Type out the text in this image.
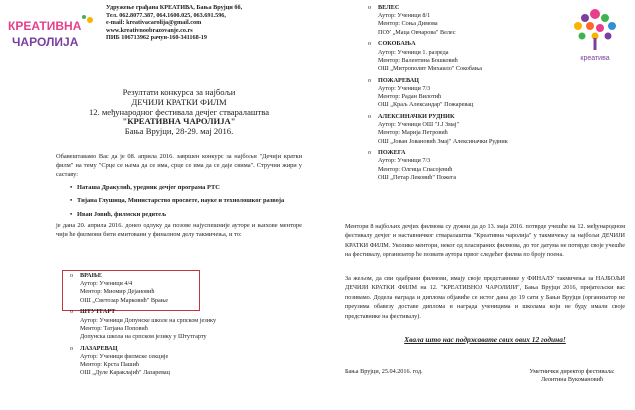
КРЕАТИВНА
ЧАРОЛИЈА
Удружење грађана КРЕАТИВА, Бања Врујци бб,
Тел. 062.8077.387, 064.1600.025, 063.691.596,
e-mail: kreativacarolija@gmail.com
www.kreativnoobrazovanje.co.rs
ПИБ 106713962 рачун-160-341168-19
креатива
Резултати конкурса за најбољи
ДЕЧИЈИ КРАТКИ ФИЛМ
12. међународног фестивала дечјег стваралаштва
"КРЕАТИВНА ЧАРОЛИЈА"
Бања Врујци, 28-29. мај 2016.
Обавештавамо Вас да је 08. априла 2016. завршен конкурс за најбољи "Дечији кратки филм" на тему "Срце се њема да се има, срце се има да се даје свима". Стручни жири у саставу:
•   Наташа Дракулић, уредник дечјег програма РТС
•   Тијана Глушица, Министарство просвете, науке и технолошког развоја
•   Иван Јовић, филмски редитељ
је дана 20. априла 2016. донео одлуку да позове најуспешније ауторе и њихове менторе чији ће филмови бити емитовани у финалном делу такмичења, и то:
o ВРАЊЕ
Аутор: Ученици 4/4
Ментор: Миомир Дејановић
ОШ „Светозар Марковић" Врање
o ШТУТГАРТ
Аутор: Ученици Допунске школе на српском језику
Ментор: Татјана Поповић
Допунска школа на српском језику у Штутгарту
o ЛАЗАРЕВАЦ
Аутор: Ученици филмске секције
Ментор: Крста Пашић
ОШ „Дуле Караклајић" Лазаревац
o ВЕЛЕС
Аутор: Ученици 8/1
Ментор: Соња Димова
ПОУ „Маца Овчарова" Велес
o СОКОБАЊА
Аутор: Ученици 1. разреда
Ментор: Валентина Бошковић
ОШ „Митрополит Михаило" Сокобања
o ПОЖАРЕВАЦ
Аутор: Ученици 7/3
Ментор: Радан Вилотић
ОШ „Краљ Александар" Пожаревац
o АЛЕКСИНАЧКИ РУДНИК
Аутор: Ученици ОШ "Ј.Ј Змај"
Ментор: Марија Петровић
ОШ „Јован Јовановић Змај" Алексиначки Рудник
o ПОЖЕГА
Аутор: Ученици 7/3
Ментор: Олгица Спасојевић
ОШ „Петар Лековић" Пожега
Ментори 8 најбољих дечјих филмова су дужни да до 13. маја 2016. потврде учешће на 12. међународном фестивалу дечјег и наставничког стваралаштва "Креативна чаролија" у такмичењу за најбољи ДЕЧИЈИ КРАТКИ ФИЛМ. Уколико ментори, неког од пласираних филмова, до тог датума не потврде своје учешће на фестивалу, организатор ће позвати аутора првог следећег филма по броју поена.
За жељом, да сви одабрани филмови, имају своје представнике у ФИНАЛУ такмичења за НАЈБОЉИ ДЕЧИЈИ КРАТКИ ФИЛМ на 12. "КРЕАТИВНОЈ ЧАРОЛИЈИ", Бања Врујци 2016, пријатељски вас позивамо. Додела награда и диплома објавиће се истог дана до 19 сати у Бањи Врујци (организатор не преузима обавезу доставе диплома и награда ученицима и школама који не буду имали своје представнике на фестивалу).
Хвала што нас подржавате свих ових 12 година!
Бања Врујци, 25.04.2016. год.	Уметнички директор фестивала:
Леонтина Вукомановић
